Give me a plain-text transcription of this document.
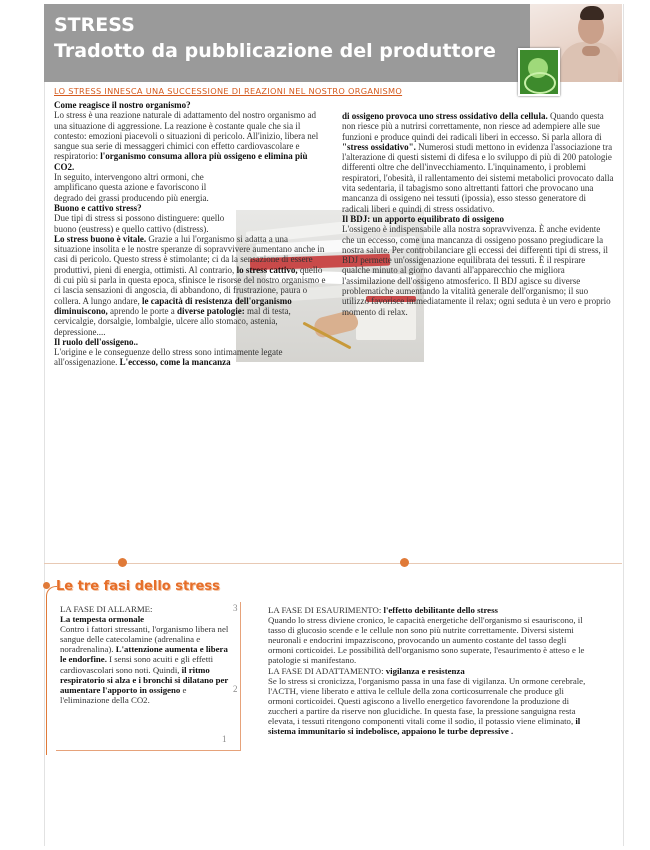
STRESS
Tradotto da pubblicazione del produttore
LO STRESS INNESCA UNA SUCCESSIONE DI REAZIONI NEL NOSTRO ORGANISMO

Come reagisce il nostro organismo?

Lo stress è una reazione naturale di adattamento del nostro organismo ad una situazione di aggressione. La reazione è costante quale che sia il contesto: emozioni piacevoli o situazioni di pericolo. All'inizio, libera nel sangue sua serie di messaggeri chimici con effetto cardiovascolare e respiratorio: l'organismo consuma allora più ossigeno e elimina più CO2.

In seguito, intervengono altri ormoni, che amplificano questa azione e favoriscono il degrado dei grassi producendo più energia.

Buono e cattivo stress?

Due tipi di stress si possono distinguere: quello buono (eustress) e quello cattivo (distress).

Lo stress buono è vitale. Grazie a lui l'organismo si adatta a una situazione insolita e le nostre speranze di sopravvivere aumentano anche in casi di pericolo. Questo stress è stimolante; ci da la sensazione di essere produttivi, pieni di energia, ottimisti. Al contrario, lo stress cattivo, quello di cui più si parla in questa epoca, sfinisce le risorse del nostro organismo e ci lascia sensazioni di angoscia, di abbandono, di frustrazione, paura o collera. A lungo andare, le capacità di resistenza dell'organismo diminuiscono, aprendo le porte a diverse patologie: mal di testa, cervicalgie, dorsalgie, lombalgie, ulcere allo stomaco, astenia, depressione....

Il ruolo dell'ossigeno..

L'origine e le conseguenze dello stress sono intimamente legate all'ossigenazione. L'eccesso, come la mancanza

di ossigeno provoca uno stress ossidativo della cellula. Quando questa non riesce più a nutrirsi correttamente, non riesce ad adempiere alle sue funzioni e produce quindi dei radicali liberi in eccesso. Si parla allora di "stress ossidativo". Numerosi studi mettono in evidenza l'associazione tra l'alterazione di questi sistemi di difesa e lo sviluppo di più di 200 patologie differenti oltre che dell'invecchiamento. L'inquinamento, i problemi respiratori, l'obesità, il rallentamento dei sistemi metabolici provocato dalla vita sedentaria, il tabagismo sono altrettanti fattori che provocano una mancanza di ossigeno nei tessuti (ipossia), esso stesso generatore di radicali liberi e quindi di stress ossidativo.

Il BDJ: un apporto equilibrato di ossigeno

L'ossigeno è indispensabile alla nostra sopravvivenza. È anche evidente che un eccesso, come una mancanza di ossigeno possano pregiudicare la nostra salute. Per controbilanciare gli eccessi dei differenti tipi di stress, il BDJ permette un'ossigenazione equilibrata dei tessuti. È il respirare qualche minuto al giorno davanti all'apparecchio che migliora l'assimilazione dell'ossigeno atmosferico. Il BDJ agisce su diverse problematiche aumentando la vitalità generale dell'organismo; il suo utilizzo favorisce immediatamente il relax; ogni seduta è un vero e proprio momento di relax.

Le tre fasi dello stress
3
2
1

LA FASE DI ALLARME:

La tempesta ormonale

Contro i fattori stressanti, l'organismo libera nel sangue delle catecolamine (adrenalina e noradrenalina). L'attenzione aumenta e libera le endorfine. I sensi sono acuiti e gli effetti cardiovascolari sono noti. Quindi, il ritmo respiratorio si alza e i bronchi si dilatano per aumentare l'apporto in ossigeno e l'eliminazione della CO2.

LA FASE DI ESAURIMENTO: l'effetto debilitante dello stress

Quando lo stress diviene cronico, le capacità energetiche dell'organismo si esauriscono, il tasso di glucosio scende e le cellule non sono più nutrite correttamente. Diversi sistemi neuronali e endocrini impazziscono, provocando un aumento costante del tasso degli ormoni corticoidei. Le possibilità dell'organismo sono superate, l'esaurimento è atteso e le patologie si manifestano.

LA FASE DI ADATTAMENTO: vigilanza e resistenza

Se lo stress si cronicizza, l'organismo passa in una fase di vigilanza. Un ormone cerebrale, l'ACTH, viene liberato e attiva le cellule della zona corticosurrenale che produce gli ormoni corticoidei. Questi agiscono a livello energetico favorendone la produzione di zuccheri a partire da riserve non glucidiche. In questa fase, la pressione sanguigna resta elevata, i tessuti ritengono componenti vitali come il sodio, il potassio viene eliminato, il sistema immunitario si indebolisce, appaiono le turbe depressive .
